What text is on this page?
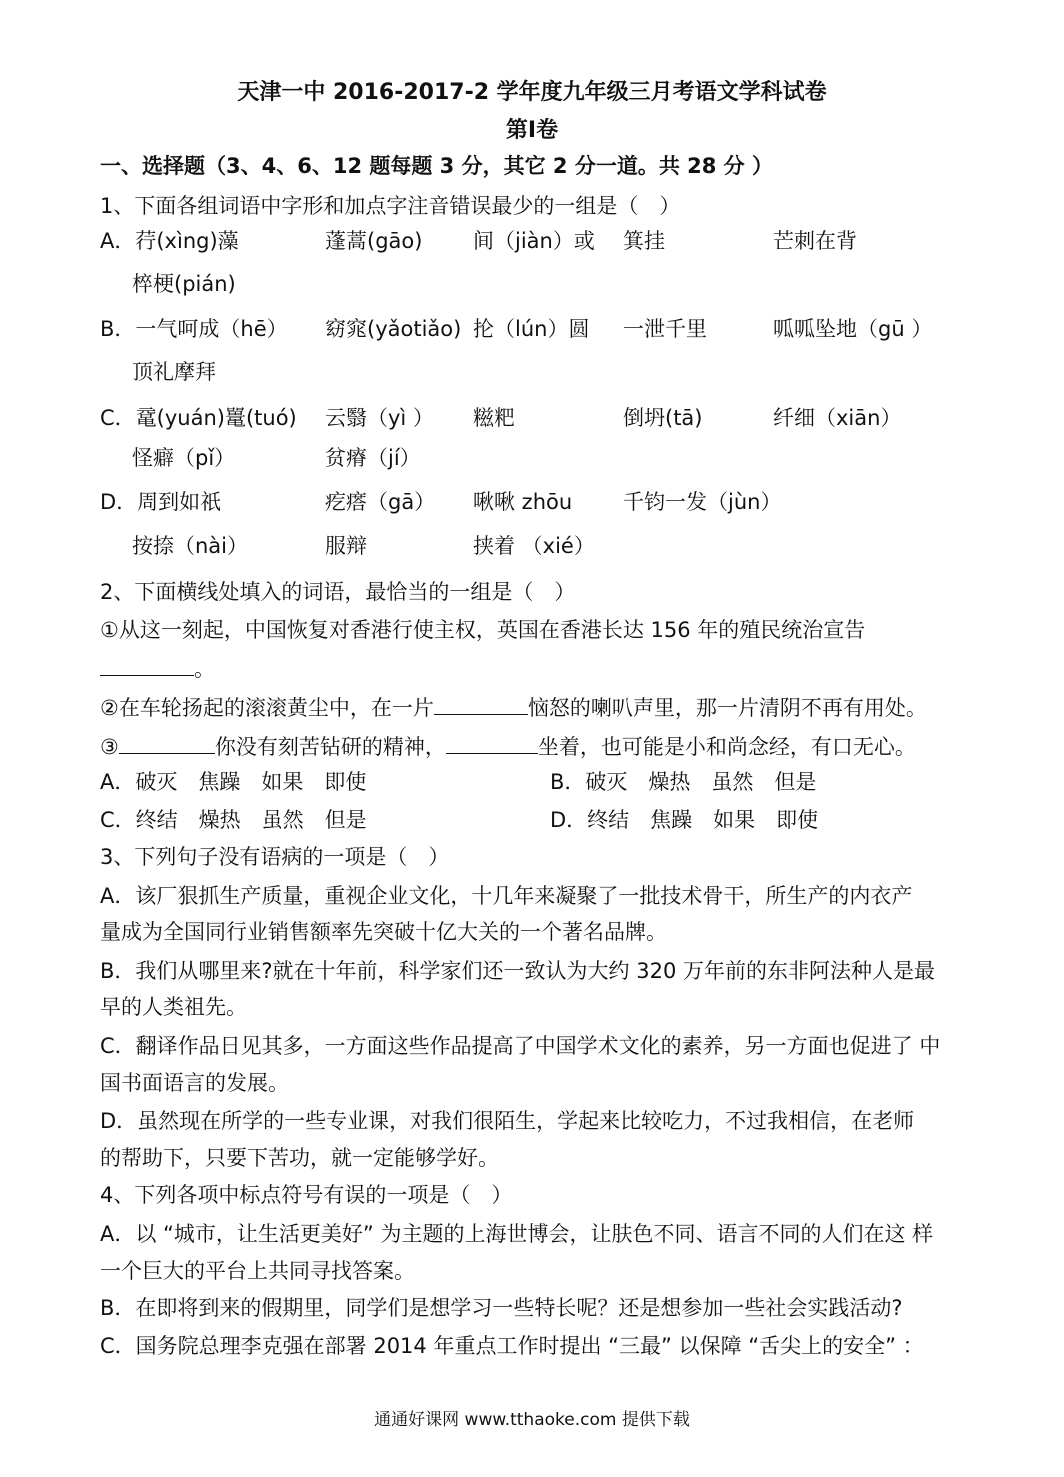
天津一中 2016-2017-2 学年度九年级三月考语文学科试卷
第Ⅰ卷
一、选择题（3、4、6、12 题每题 3 分，其它 2 分一道。共 28 分 ）
1、下面各组词语中字形和加点字注音错误最少的一组是（　）
A．荇(xìng)藻	蓬蒿(gāo) 间（jiàn）或 箕挂	芒刺在背
椊梗(pián)
B．一气呵成（hē） 窈窕(yǎotiǎo) 抡（lún）圆 一泄千里	呱呱坠地（gū ）
顶礼摩拜
C．鼋(yuán)鼍(tuó) 云翳（yì ） 糍粑	倒坍(tā)	纤细（xiān）
怪癖（pǐ）	贫瘠（jí）
D．周到如祇	疙瘩（gā） 啾啾 zhōu 千钧一发（jùn）
按捺（nài）	服辩	挟着 （xié）
2、下面横线处填入的词语，最恰当的一组是（　）
①从这一刻起，中国恢复对香港行使主权，英国在香港长达 156 年的殖民统治宣告
。
②在车轮扬起的滚滚黄尘中，在一片	恼怒的喇叭声里，那一片清阴不再有用处。
③	你没有刻苦钻研的精神，	坐着，也可能是小和尚念经，有口无心。
A．破灭　焦躁　如果　即使	B．破灭　燥热　虽然　但是
C．终结　燥热　虽然　但是	D．终结　焦躁　如果　即使
3、下列句子没有语病的一项是（　）
A．该厂狠抓生产质量，重视企业文化，十几年来凝聚了一批技术骨干，所生产的内衣产
量成为全国同行业销售额率先突破十亿大关的一个著名品牌。
B．我们从哪里来?就在十年前，科学家们还一致认为大约 320 万年前的东非阿法种人是最
早的人类祖先。
C．翻译作品日见其多，一方面这些作品提高了中国学术文化的素养，另一方面也促进了 中
国书面语言的发展。
D．虽然现在所学的一些专业课，对我们很陌生，学起来比较吃力，不过我相信，在老师
的帮助下，只要下苦功，就一定能够学好。
4、下列各项中标点符号有误的一项是（　）
A．以 “城市，让生活更美好” 为主题的上海世博会，让肤色不同、语言不同的人们在这 样
一个巨大的平台上共同寻找答案。
B．在即将到来的假期里，同学们是想学习一些特长呢？还是想参加一些社会实践活动?
C．国务院总理李克强在部署 2014 年重点工作时提出 “三最” 以保障 “舌尖上的安全” ：
通通好课网 www.tthaoke.com 提供下载
